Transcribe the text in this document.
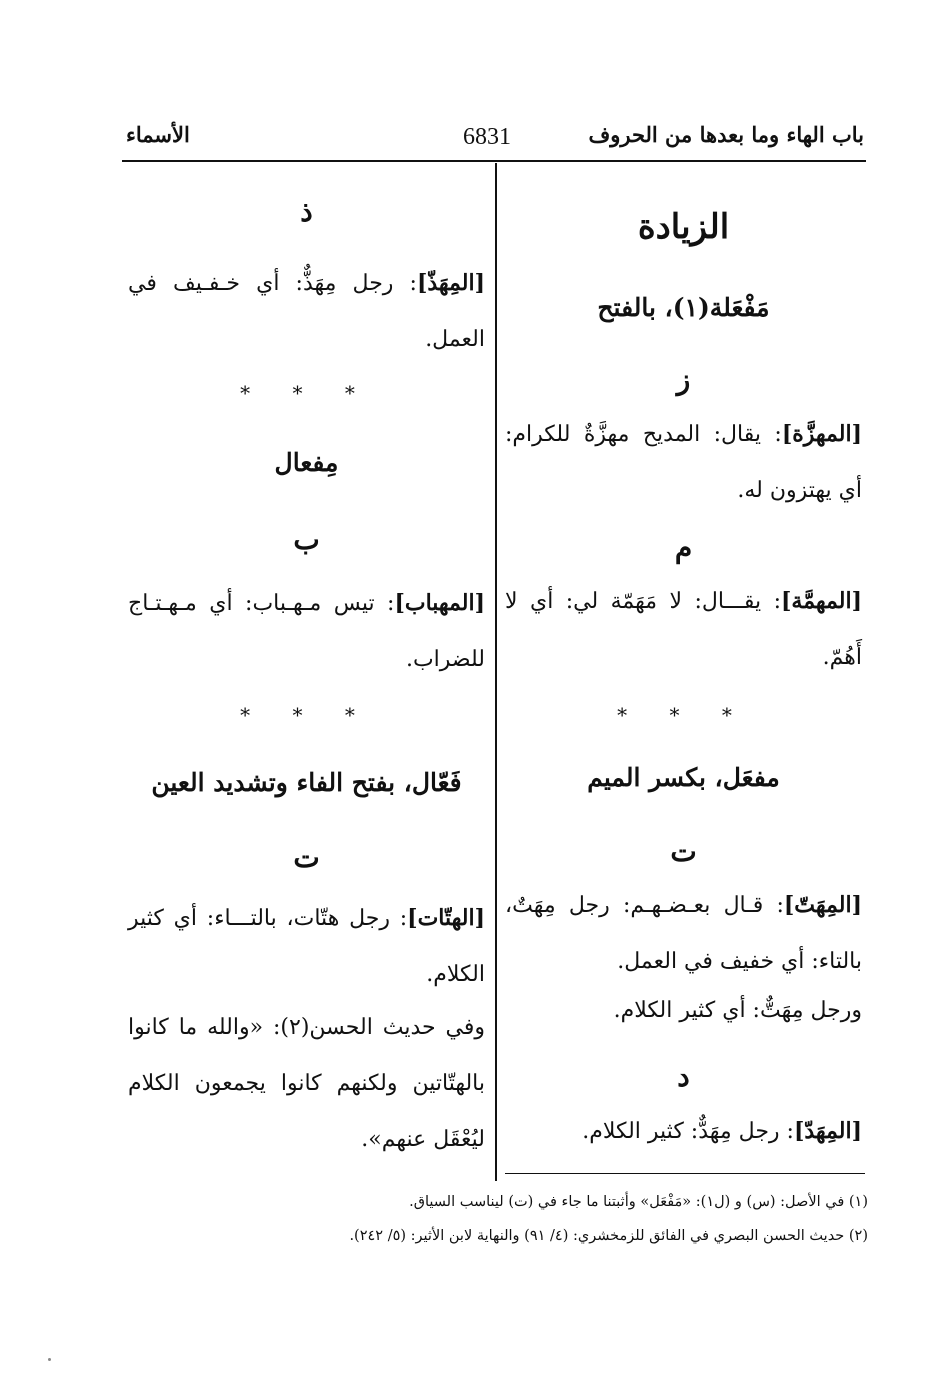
باب الهاء وما بعدها من الحروف
6831
الأسماء
الزيادة
مَفْعَلة(١)، بالفتح
ز
[المهزَّة]: يقال: المديح مهزَّةٌ للكرام: أي يهتزون له.
م
[المهمَّة]: يقـــال: لا مَهَمّة لي: أي لا أَهُمّ.
* * *
مفعَل، بكسر الميم
ت
[المِهَتّ]: قـال بعـضـهـم: رجل مِهَتٌ، بالتاء: أي خفيف في العمل.
ورجل مِهَتٌّ: أي كثير الكلام.
د
[المِهَدّ]: رجل مِهَدٌّ: كثير الكلام.
ذ
[المِهَذّ]: رجل مِهَذٌّ: أي خـفـيف في العمل.
* * *
مِفعال
ب
[المهباب]: تيس مـهـباب: أي مـهـتـاج للضراب.
* * *
فَعّال، بفتح الفاء وتشديد العين
ت
[الهتّات]: رجل هتّات، بالتـــاء: أي كثير الكلام.
وفي حديث الحسن(٢): «والله ما كانوا بالهتّاتين ولكنهم كانوا يجمعون الكلام ليُعْقَل عنهم».
(١) في الأصل: (س) و (ل١): «مَفْعَل» وأثبتنا ما جاء في (ت) ليناسب السياق.
(٢) حديث الحسن البصري في الفائق للزمخشري: (٤/ ٩١) والنهاية لابن الأثير: (٥/ ٢٤٢).
